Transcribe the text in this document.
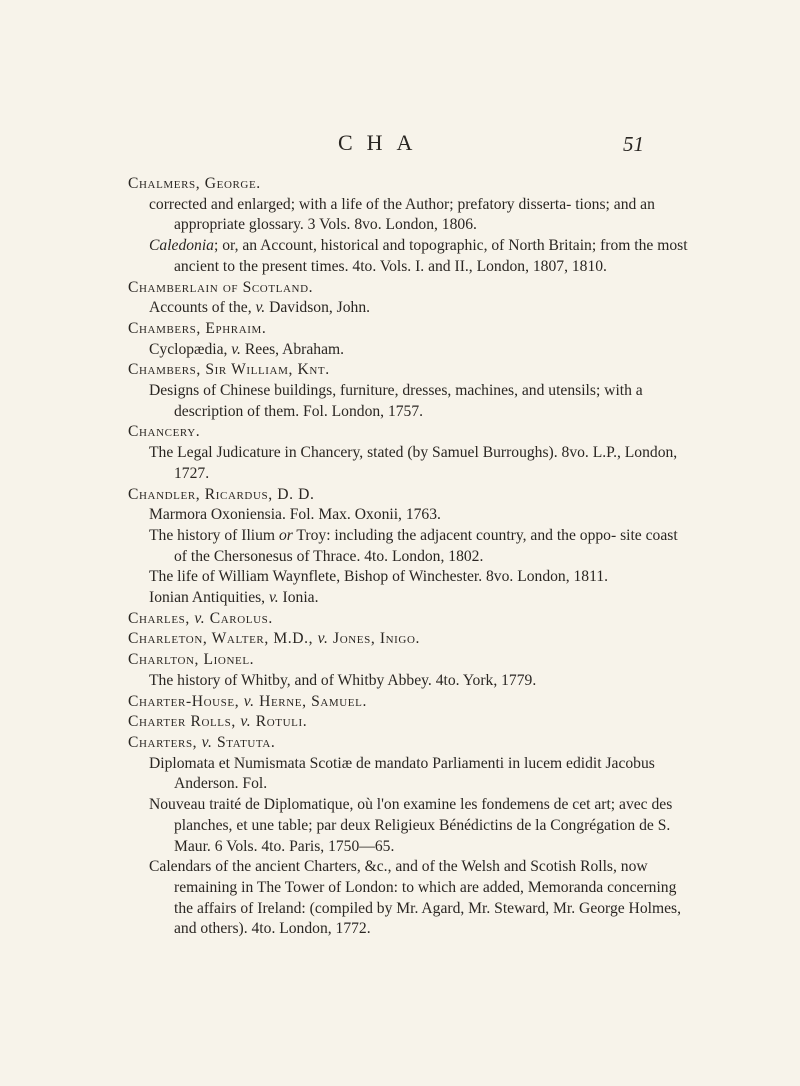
CHA	51
Chalmers, George.

corrected and enlarged; with a life of the Author; prefatory disserta- tions; and an appropriate glossary. 3 Vols. 8vo. London, 1806.

Caledonia; or, an Account, historical and topographic, of North Britain; from the most ancient to the present times. 4to. Vols. I. and II., London, 1807, 1810.

Chamberlain of Scotland.

Accounts of the, v. Davidson, John.

Chambers, Ephraim.

Cyclopædia, v. Rees, Abraham.

Chambers, Sir William, Knt.

Designs of Chinese buildings, furniture, dresses, machines, and utensils; with a description of them. Fol. London, 1757.

Chancery.

The Legal Judicature in Chancery, stated (by Samuel Burroughs). 8vo. L.P., London, 1727.

Chandler, Ricardus, D. D.

Marmora Oxoniensia. Fol. Max. Oxonii, 1763.

The history of Ilium or Troy: including the adjacent country, and the oppo- site coast of the Chersonesus of Thrace. 4to. London, 1802.

The life of William Waynflete, Bishop of Winchester. 8vo. London, 1811.

Ionian Antiquities, v. Ionia.

Charles, v. Carolus.
Charleton, Walter, M.D., v. Jones, Inigo.
Charlton, Lionel.

The history of Whitby, and of Whitby Abbey. 4to. York, 1779.

Charter-House, v. Herne, Samuel.
Charter Rolls, v. Rotuli.
Charters, v. Statuta.

Diplomata et Numismata Scotiæ de mandato Parliamenti in lucem edidit Jacobus Anderson. Fol.

Nouveau traité de Diplomatique, où l'on examine les fondemens de cet art; avec des planches, et une table; par deux Religieux Bénédictins de la Congrégation de S. Maur. 6 Vols. 4to. Paris, 1750—65.

Calendars of the ancient Charters, &c., and of the Welsh and Scotish Rolls, now remaining in The Tower of London: to which are added, Memoranda concerning the affairs of Ireland: (compiled by Mr. Agard, Mr. Steward, Mr. George Holmes, and others). 4to. London, 1772.
